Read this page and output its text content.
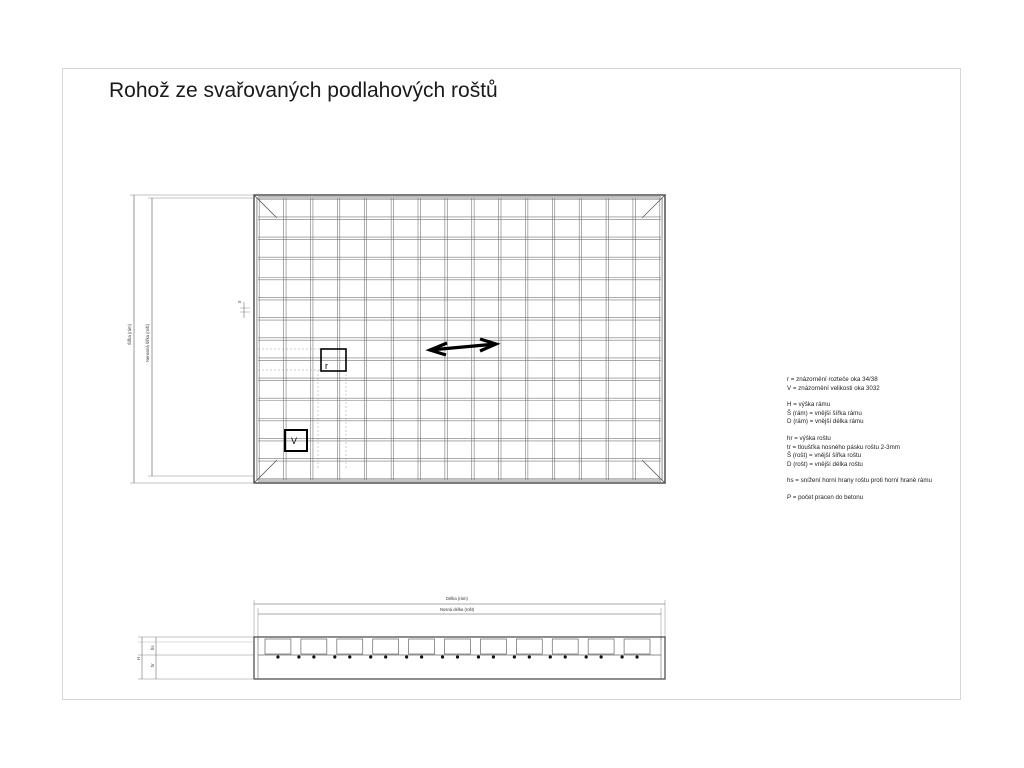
Rohož ze svařovaných podlahových roštů
r
V
Šířka (rám)	Nenosná šířka (rošt)
tr
Délka (rám)
Nosná délka (rošt)
H
hs
hr
r = znázornění rozteče oka 34/38
V = znázornění velikosti oka 3032
H = výška rámu
Š (rám) = vnější šířka rámu
D (rám) = vnější délka rámu
hr = výška roštu
tr = tloušťka nosného pásku roštu 2-3mm
Š (rošt) = vnější šířka roštu
D (rošt) = vnější délka roštu
hs = snížení horní hrany roštu proti horní hraně rámu
P = počet pracen do betonu
